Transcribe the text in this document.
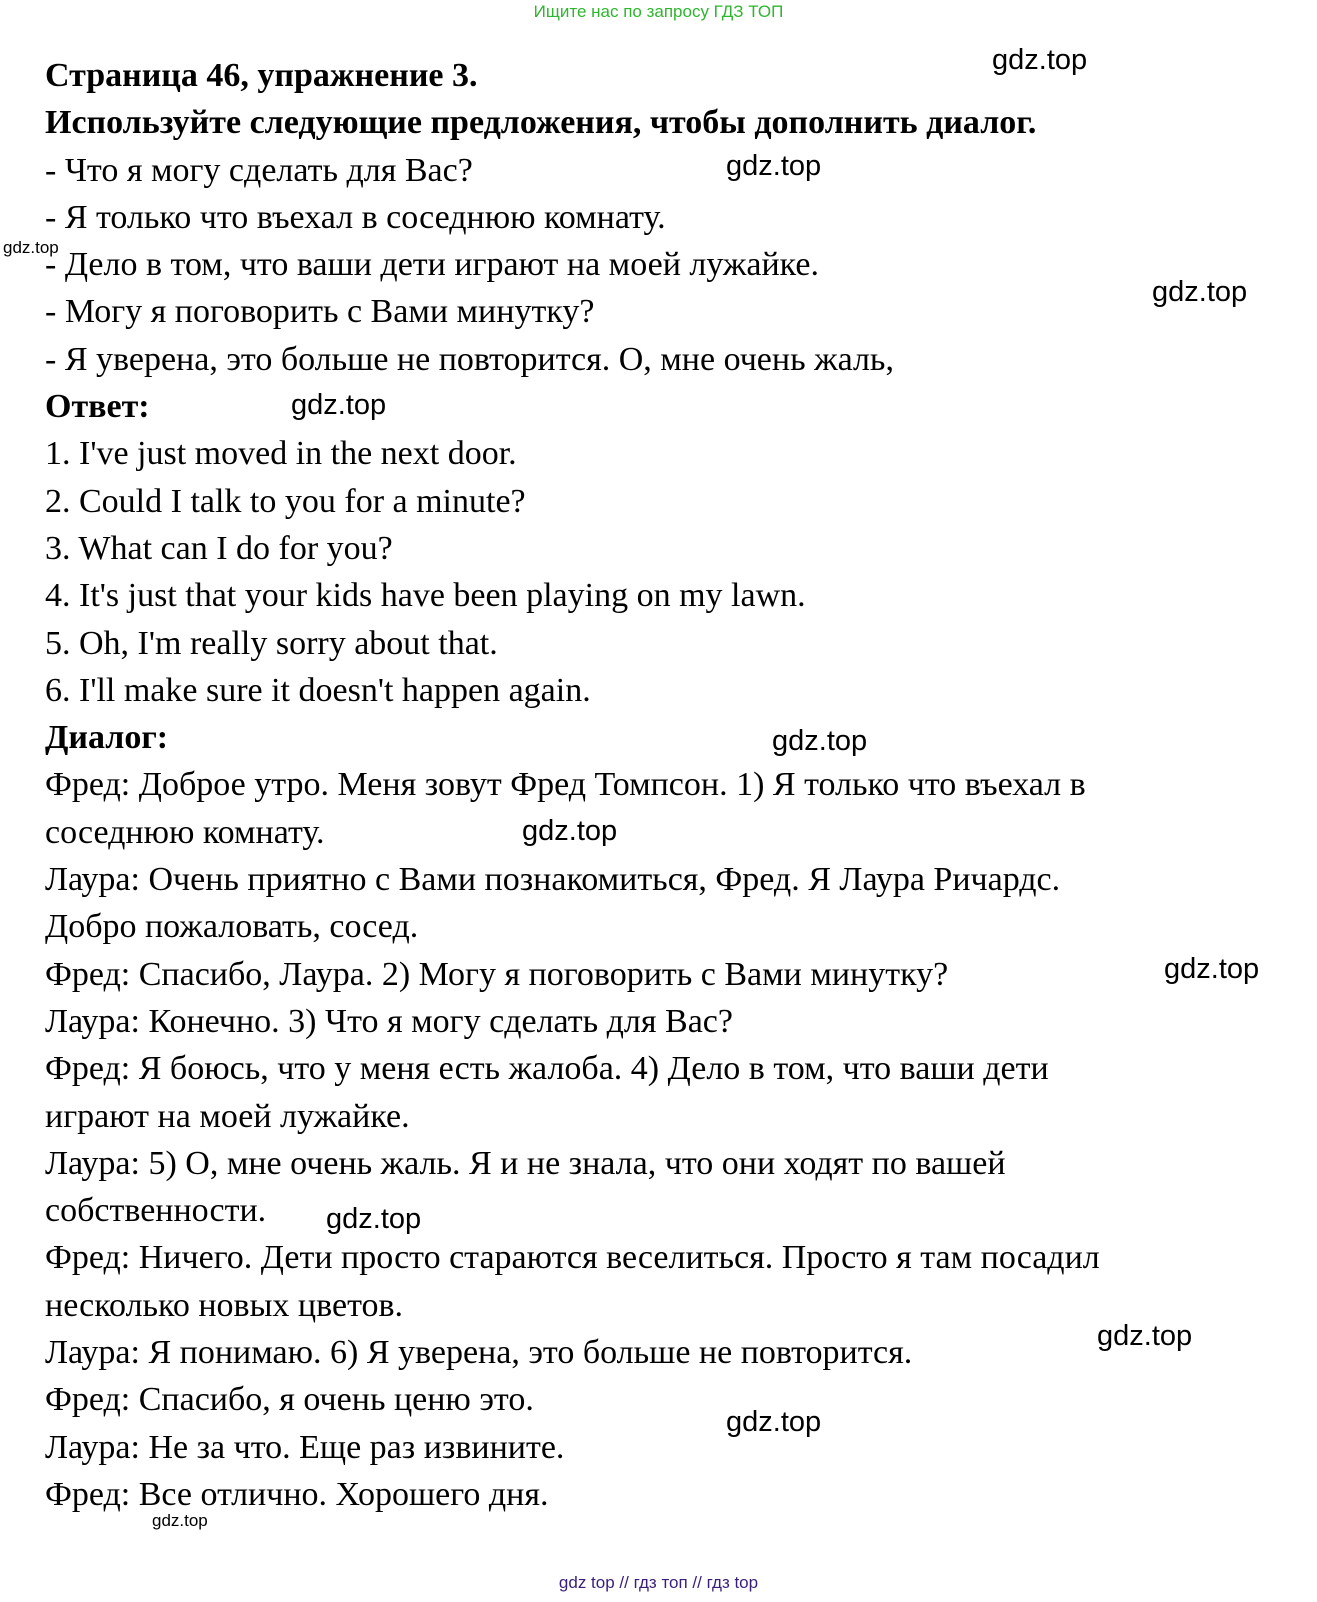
Ищите нас по запросу ГДЗ ТОП
Страница 46, упражнение 3.
Используйте следующие предложения, чтобы дополнить диалог.
- Что я могу сделать для Вас?
- Я только что въехал в соседнюю комнату.
- Дело в том, что ваши дети играют на моей лужайке.
- Могу я поговорить с Вами минутку?
- Я уверена, это больше не повторится. О, мне очень жаль,
Ответ:
1. I've just moved in the next door.
2. Could I talk to you for a minute?
3. What can I do for you?
4. It's just that your kids have been playing on my lawn.
5. Oh, I'm really sorry about that.
6. I'll make sure it doesn't happen again.
Диалог:
Фред: Доброе утро. Меня зовут Фред Томпсон. 1) Я только что въехал в
соседнюю комнату.
Лаура: Очень приятно с Вами познакомиться, Фред. Я Лаура Ричардс.
Добро пожаловать, сосед.
Фред: Спасибо, Лаура. 2) Могу я поговорить с Вами минутку?
Лаура: Конечно. 3) Что я могу сделать для Вас?
Фред: Я боюсь, что у меня есть жалоба. 4) Дело в том, что ваши дети
играют на моей лужайке.
Лаура: 5) О, мне очень жаль. Я и не знала, что они ходят по вашей
собственности.
Фред: Ничего. Дети просто стараются веселиться. Просто я там посадил
несколько новых цветов.
Лаура: Я понимаю. 6) Я уверена, это больше не повторится.
Фред: Спасибо, я очень ценю это.
Лаура: Не за что. Еще раз извините.
Фред: Все отлично. Хорошего дня.
gdz.top
gdz.top
gdz.top
gdz.top
gdz.top
gdz.top
gdz.top
gdz.top
gdz.top
gdz.top
gdz.top
gdz.top
gdz top // гдз топ // гдз top
